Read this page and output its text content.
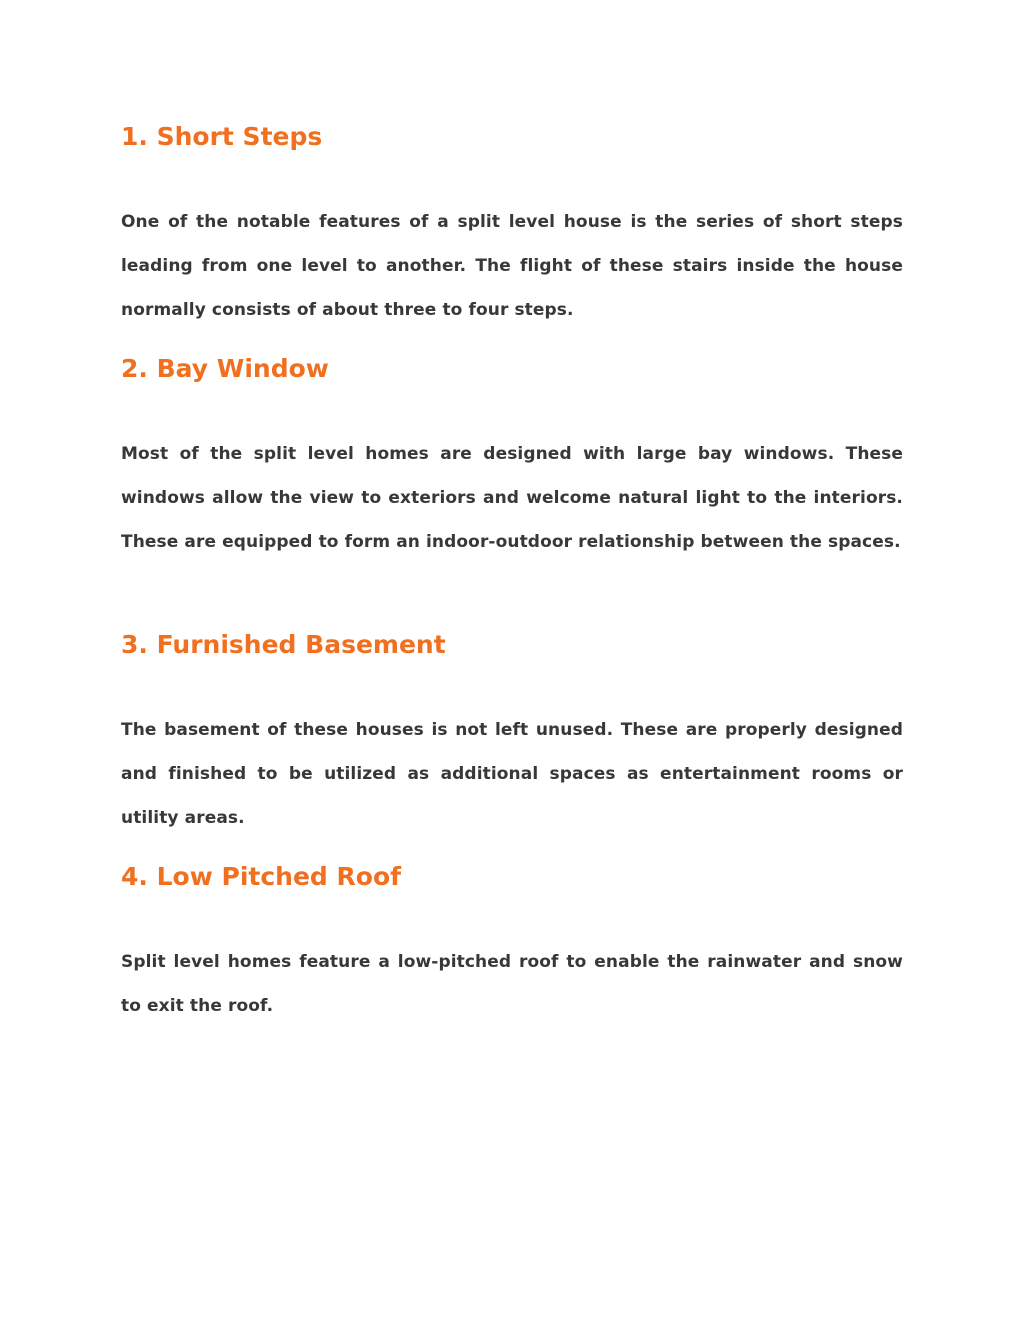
1. Short Steps

One of the notable features of a split level house is the series of short steps leading from one level to another. The flight of these stairs inside the house normally consists of about three to four steps.

2. Bay Window

Most of the split level homes are designed with large bay windows. These windows allow the view to exteriors and welcome natural light to the interiors. These are equipped to form an indoor-outdoor relationship between the spaces.

3. Furnished Basement

The basement of these houses is not left unused. These are properly designed and finished to be utilized as additional spaces as entertainment rooms or utility areas.

4. Low Pitched Roof

Split level homes feature a low-pitched roof to enable the rainwater and snow to exit the roof.
